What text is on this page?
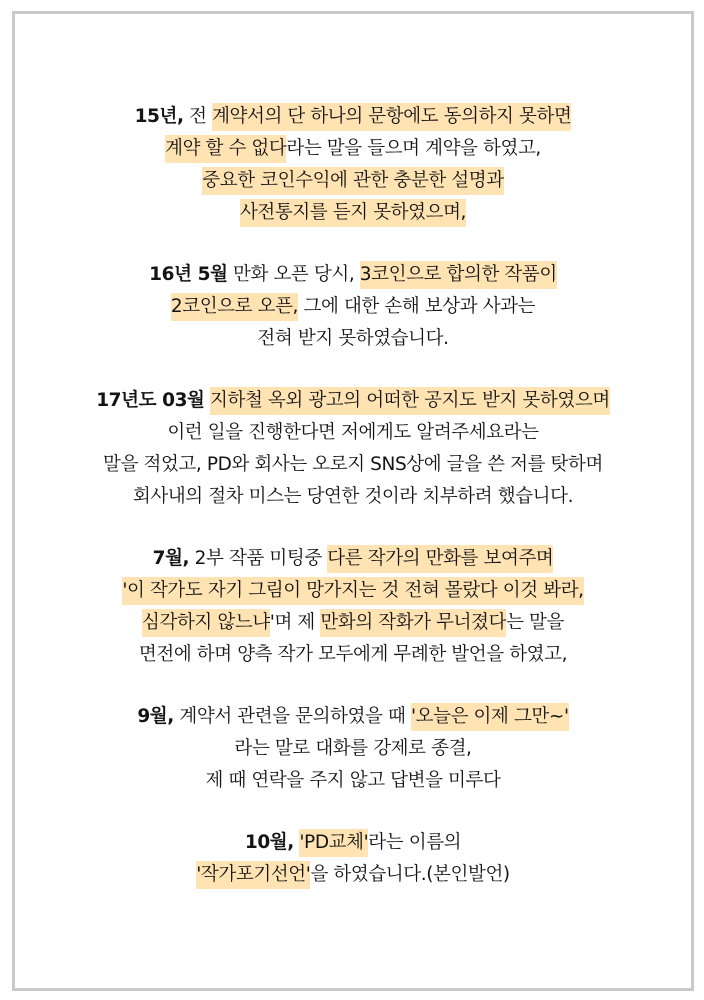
15년, 전 계약서의 단 하나의 문항에도 동의하지 못하면
계약 할 수 없다라는 말을 들으며 계약을 하였고,
중요한 코인수익에 관한 충분한 설명과
사전통지를 듣지 못하였으며,
16년 5월 만화 오픈 당시, 3코인으로 합의한 작품이
2코인으로 오픈, 그에 대한 손해 보상과 사과는
전혀 받지 못하였습니다.
17년도 03월 지하철 옥외 광고의 어떠한 공지도 받지 못하였으며
이런 일을 진행한다면 저에게도 알려주세요라는
말을 적었고, PD와 회사는 오로지 SNS상에 글을 쓴 저를 탓하며
회사내의 절차 미스는 당연한 것이라 치부하려 했습니다.
7월, 2부 작품 미팅중 다른 작가의 만화를 보여주며
'이 작가도 자기 그림이 망가지는 것 전혀 몰랐다 이것 봐라,
심각하지 않느냐'며 제 만화의 작화가 무너졌다는 말을
면전에 하며 양측 작가 모두에게 무례한 발언을 하였고,
9월, 계약서 관련을 문의하였을 때 '오늘은 이제 그만~'
라는 말로 대화를 강제로 종결,
제 때 연락을 주지 않고 답변을 미루다
10월, 'PD교체'라는 이름의
'작가포기선언'을 하였습니다.(본인발언)
